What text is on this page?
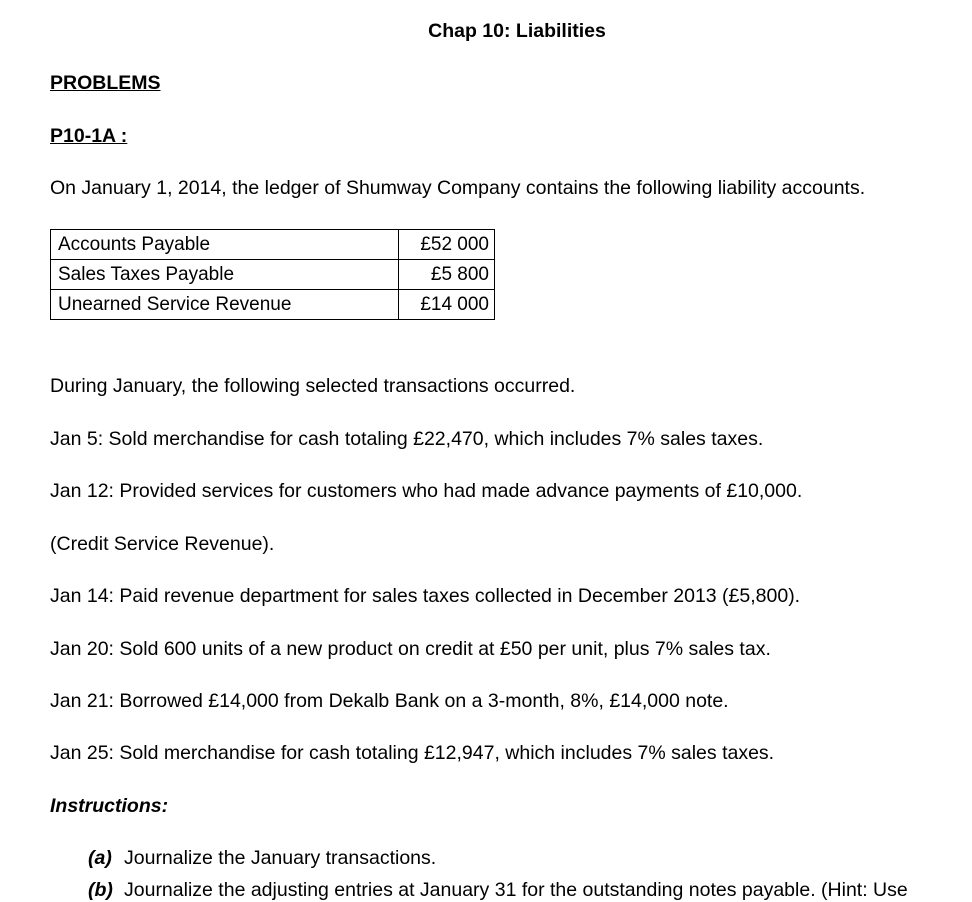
Chap 10: Liabilities
PROBLEMS
P10-1A :
On January 1, 2014, the ledger of Shumway Company contains the following liability accounts.
Accounts Payable	£52 000
Sales Taxes Payable	£5 800
Unearned Service Revenue	£14 000
During January, the following selected transactions occurred.
Jan 5: Sold merchandise for cash totaling £22,470, which includes 7% sales taxes.
Jan 12: Provided services for customers who had made advance payments of £10,000.
(Credit Service Revenue).
Jan 14: Paid revenue department for sales taxes collected in December 2013 (£5,800).
Jan 20: Sold 600 units of a new product on credit at £50 per unit, plus 7% sales tax.
Jan 21: Borrowed £14,000 from Dekalb Bank on a 3-month, 8%, £14,000 note.
Jan 25: Sold merchandise for cash totaling £12,947, which includes 7% sales taxes.
Instructions:
(a) Journalize the January transactions.
(b) Journalize the adjusting entries at January 31 for the outstanding notes payable. (Hint: Use
